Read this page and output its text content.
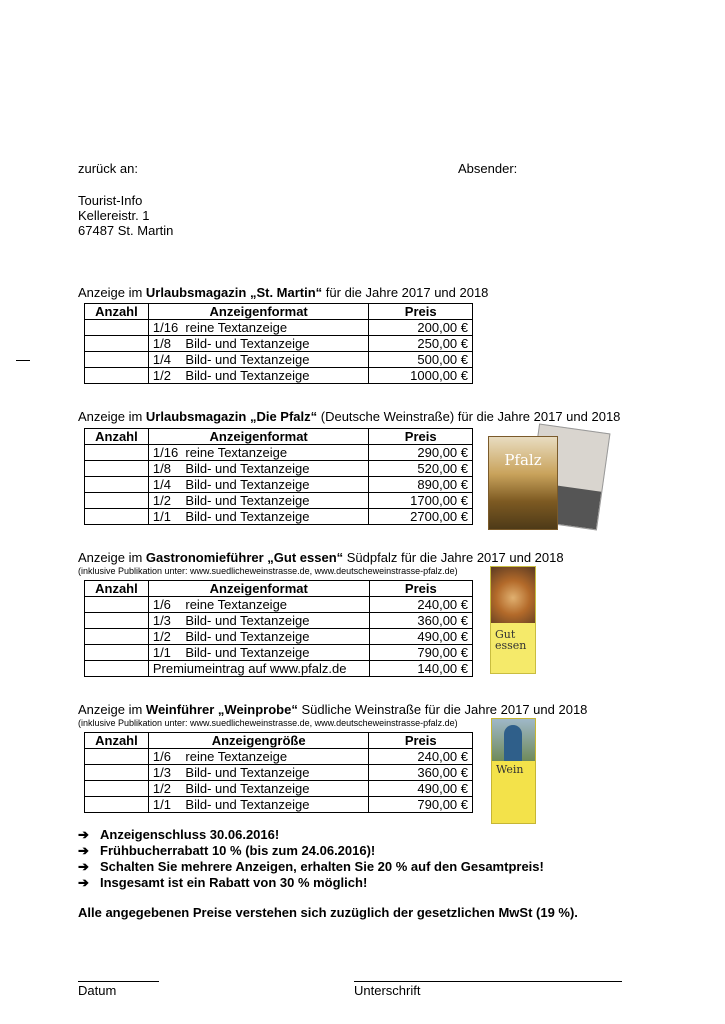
zurück an:	Absender:
Tourist-Info
Kellereistr. 1
67487 St. Martin
Anzeige im Urlaubsmagazin „St. Martin“ für die Jahre 2017 und 2018
Anzahl	Anzeigenformat	Preis
	1/16  reine Textanzeige	200,00 €
	1/8    Bild- und Textanzeige	250,00 €
	1/4    Bild- und Textanzeige	500,00 €
	1/2    Bild- und Textanzeige	1000,00 €
Anzeige im Urlaubsmagazin „Die Pfalz“ (Deutsche Weinstraße) für die Jahre 2017 und 2018
Anzahl	Anzeigenformat	Preis
	1/16  reine Textanzeige	290,00 €
	1/8    Bild- und Textanzeige	520,00 €
	1/4    Bild- und Textanzeige	890,00 €
	1/2    Bild- und Textanzeige	1700,00 €
	1/1    Bild- und Textanzeige	2700,00 €
Pfalz
Anzeige im Gastronomieführer „Gut essen“ Südpfalz für die Jahre 2017 und 2018
(inklusive Publikation unter: www.suedlicheweinstrasse.de, www.deutscheweinstrasse-pfalz.de)
Anzahl	Anzeigenformat	Preis
	1/6    reine Textanzeige	240,00 €
	1/3    Bild- und Textanzeige	360,00 €
	1/2    Bild- und Textanzeige	490,00 €
	1/1    Bild- und Textanzeige	790,00 €
	Premiumeintrag auf www.pfalz.de	140,00 €
Gut essen
Anzeige im Weinführer „Weinprobe“ Südliche Weinstraße für die Jahre 2017 und 2018
(inklusive Publikation unter: www.suedlicheweinstrasse.de, www.deutscheweinstrasse-pfalz.de)
Anzahl	Anzeigengröße	Preis
	1/6    reine Textanzeige	240,00 €
	1/3    Bild- und Textanzeige	360,00 €
	1/2    Bild- und Textanzeige	490,00 €
	1/1    Bild- und Textanzeige	790,00 €
Wein
➔ Anzeigenschluss 30.06.2016!
➔ Frühbucherrabatt 10 % (bis zum 24.06.2016)!
➔ Schalten Sie mehrere Anzeigen, erhalten Sie 20 % auf den Gesamtpreis!
➔ Insgesamt ist ein Rabatt von 30 % möglich!
Alle angegebenen Preise verstehen sich zuzüglich der gesetzlichen MwSt (19 %).
Datum	Unterschrift
